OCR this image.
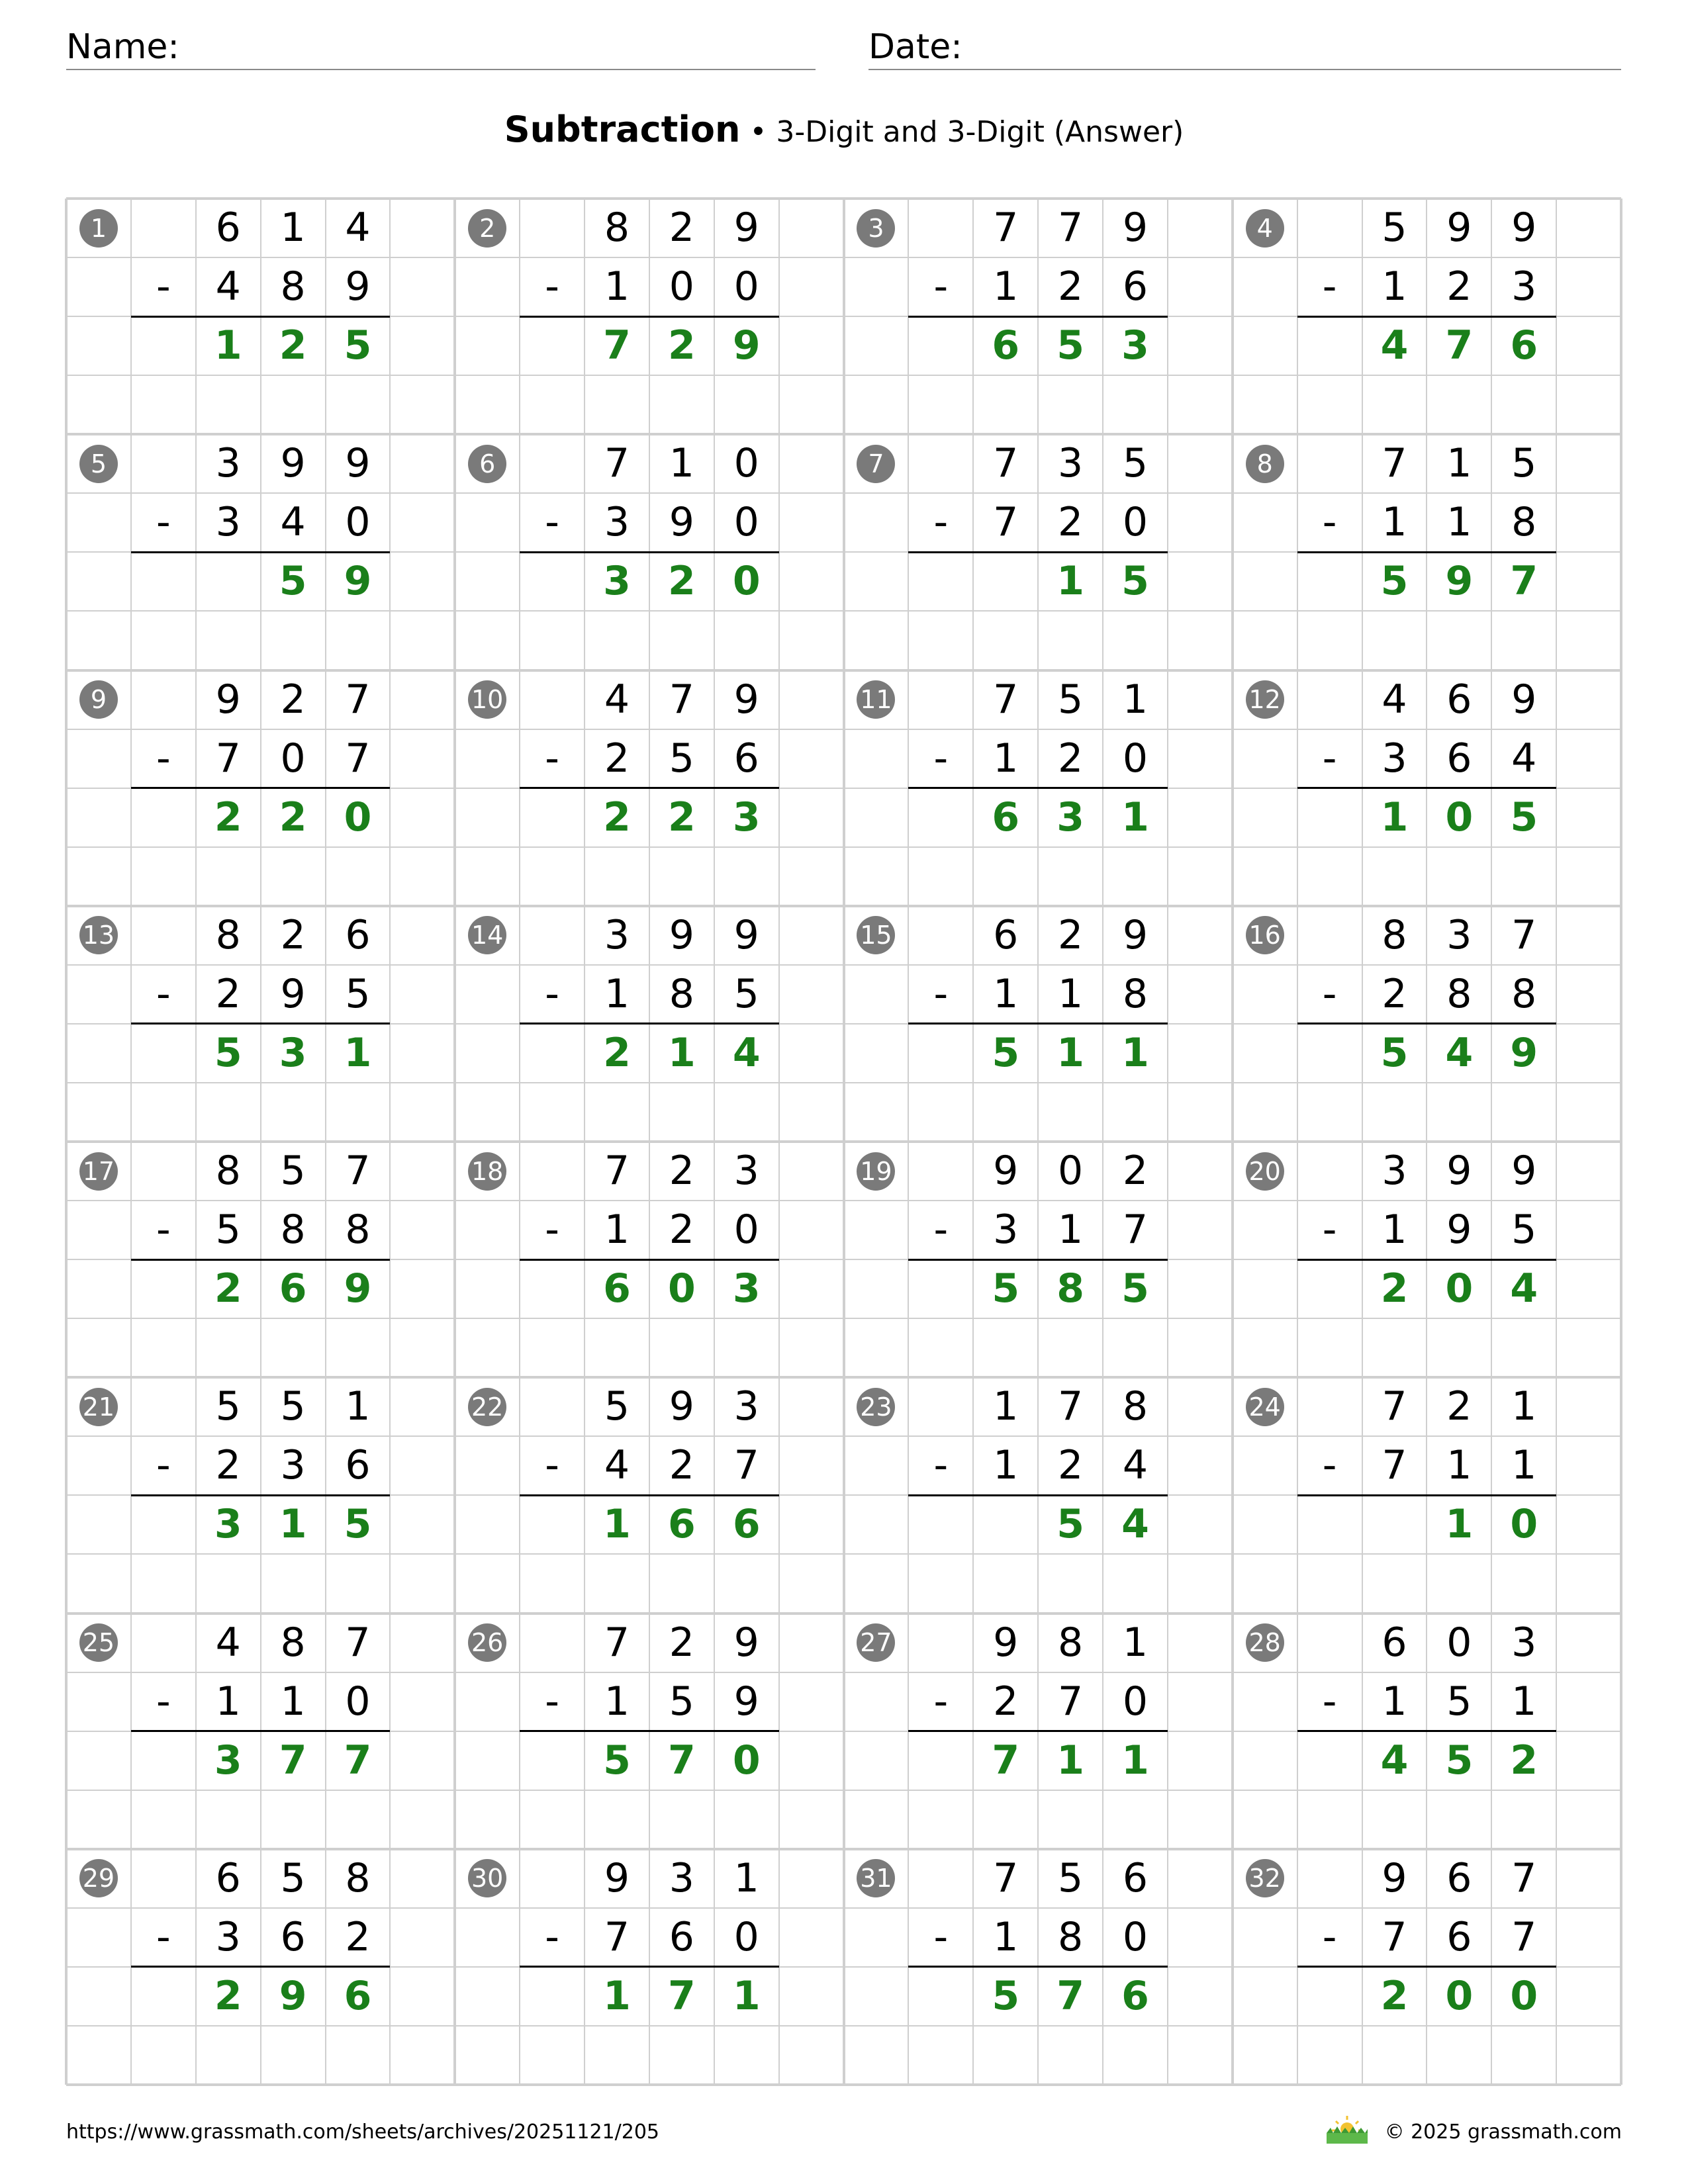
Name:	Date:
Subtraction • 3-Digit and 3-Digit (Answer)
1	6 1 4
-	4 8 9
1 2 5
2	8 2 9
-	1 0 0
7 2 9
3	7 7 9
-	1 2 6
6 5 3
4	5 9 9
-	1 2 3
4 7 6
5	3 9 9
-	3 4 0
5 9
6	7 1 0
-	3 9 0
3 2 0
7	7 3 5
-	7 2 0
1 5
8	7 1 5
-	1 1 8
5 9 7
9	9 2 7
-	7 0 7
2 2 0
10	4 7 9
-	2 5 6
2 2 3
11	7 5 1
-	1 2 0
6 3 1
12	4 6 9
-	3 6 4
1 0 5
13	8 2 6
-	2 9 5
5 3 1
14	3 9 9
-	1 8 5
2 1 4
15	6 2 9
-	1 1 8
5 1 1
16	8 3 7
-	2 8 8
5 4 9
17	8 5 7
-	5 8 8
2 6 9
18	7 2 3
-	1 2 0
6 0 3
19	9 0 2
-	3 1 7
5 8 5
20	3 9 9
-	1 9 5
2 0 4
21	5 5 1
-	2 3 6
3 1 5
22	5 9 3
-	4 2 7
1 6 6
23	1 7 8
-	1 2 4
5 4
24	7 2 1
-	7 1 1
1 0
25	4 8 7
-	1 1 0
3 7 7
26	7 2 9
-	1 5 9
5 7 0
27	9 8 1
-	2 7 0
7 1 1
28	6 0 3
-	1 5 1
4 5 2
29	6 5 8
-	3 6 2
2 9 6
30	9 3 1
-	7 6 0
1 7 1
31	7 5 6
-	1 8 0
5 7 6
32	9 6 7
-	7 6 7
2 0 0
https://www.grassmath.com/sheets/archives/20251121/205	© 2025 grassmath.com
